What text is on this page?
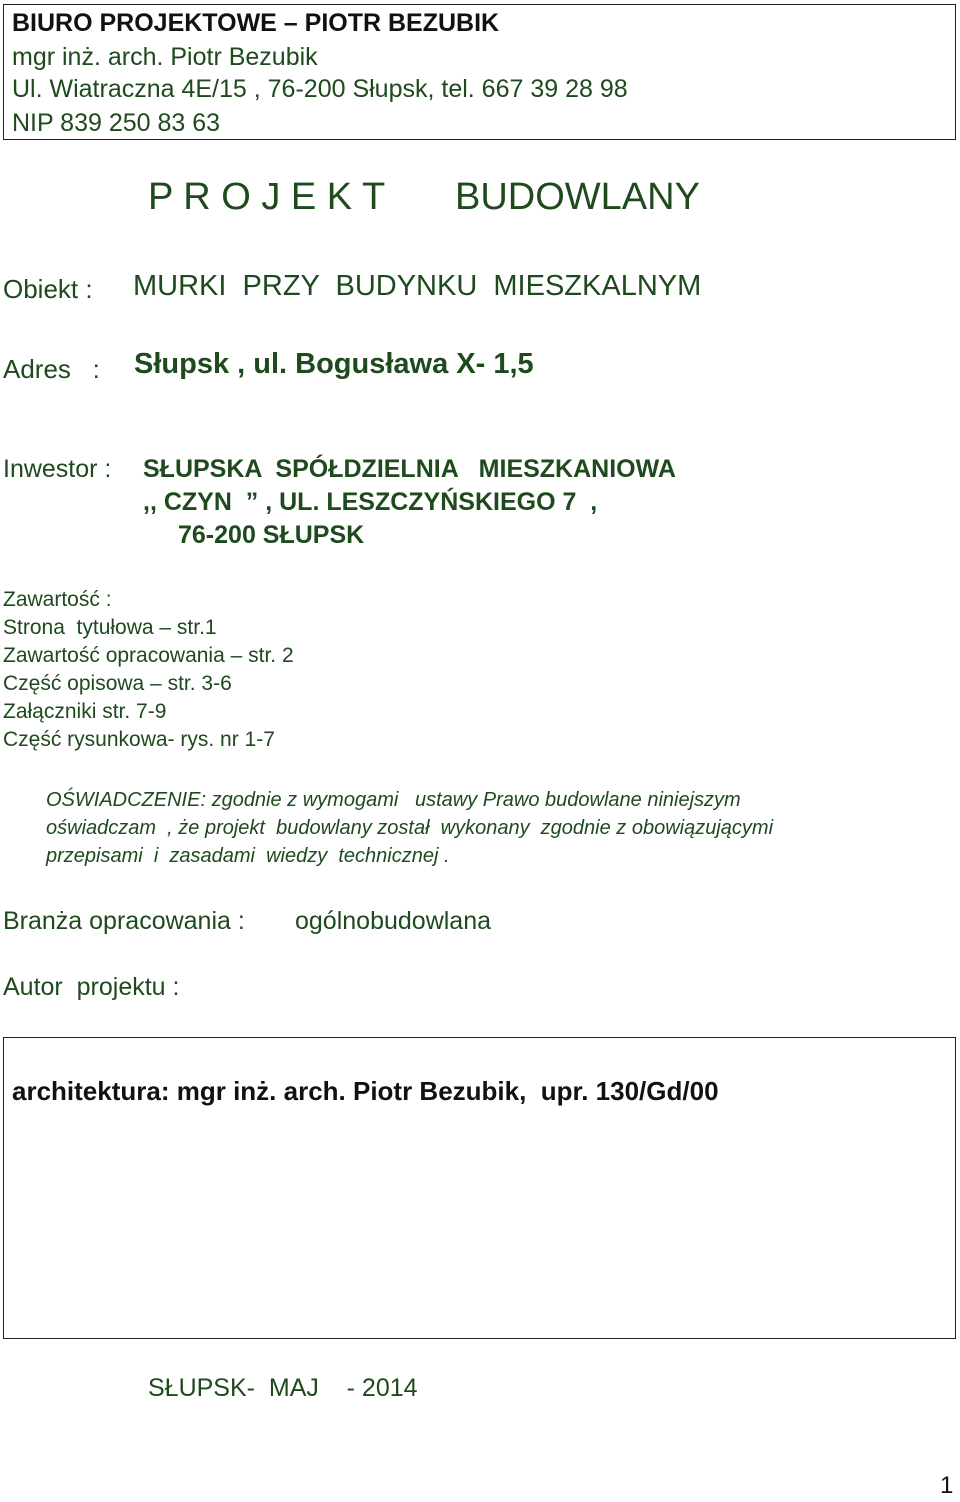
BIURO PROJEKTOWE – PIOTR BEZUBIK
mgr inż. arch. Piotr Bezubik
Ul. Wiatraczna 4E/15 , 76-200 Słupsk, tel. 667 39 28 98
NIP 839 250 83 63
P R O J E K T BUDOWLANY
Obiekt : MURKI  PRZY  BUDYNKU  MIESZKALNYM
Adres   : Słupsk , ul. Bogusława X- 1,5
Inwestor : SŁUPSKA  SPÓŁDZIELNIA   MIESZKANIOWA
,, CZYN  ” , UL. LESZCZYŃSKIEGO 7  ,
76-200 SŁUPSK
Zawartość :
Strona  tytułowa – str.1
Zawartość opracowania – str. 2
Część opisowa – str. 3-6
Załączniki str. 7-9
Część rysunkowa- rys. nr 1-7
OŚWIADCZENIE: zgodnie z wymogami   ustawy Prawo budowlane niniejszym
oświadczam  , że projekt  budowlany został  wykonany  zgodnie z obowiązującymi
przepisami  i  zasadami  wiedzy  technicznej .
Branża opracowania : ogólnobudowlana
Autor  projektu :
architektura: mgr inż. arch. Piotr Bezubik,  upr. 130/Gd/00
SŁUPSK-  MAJ    - 2014
1
